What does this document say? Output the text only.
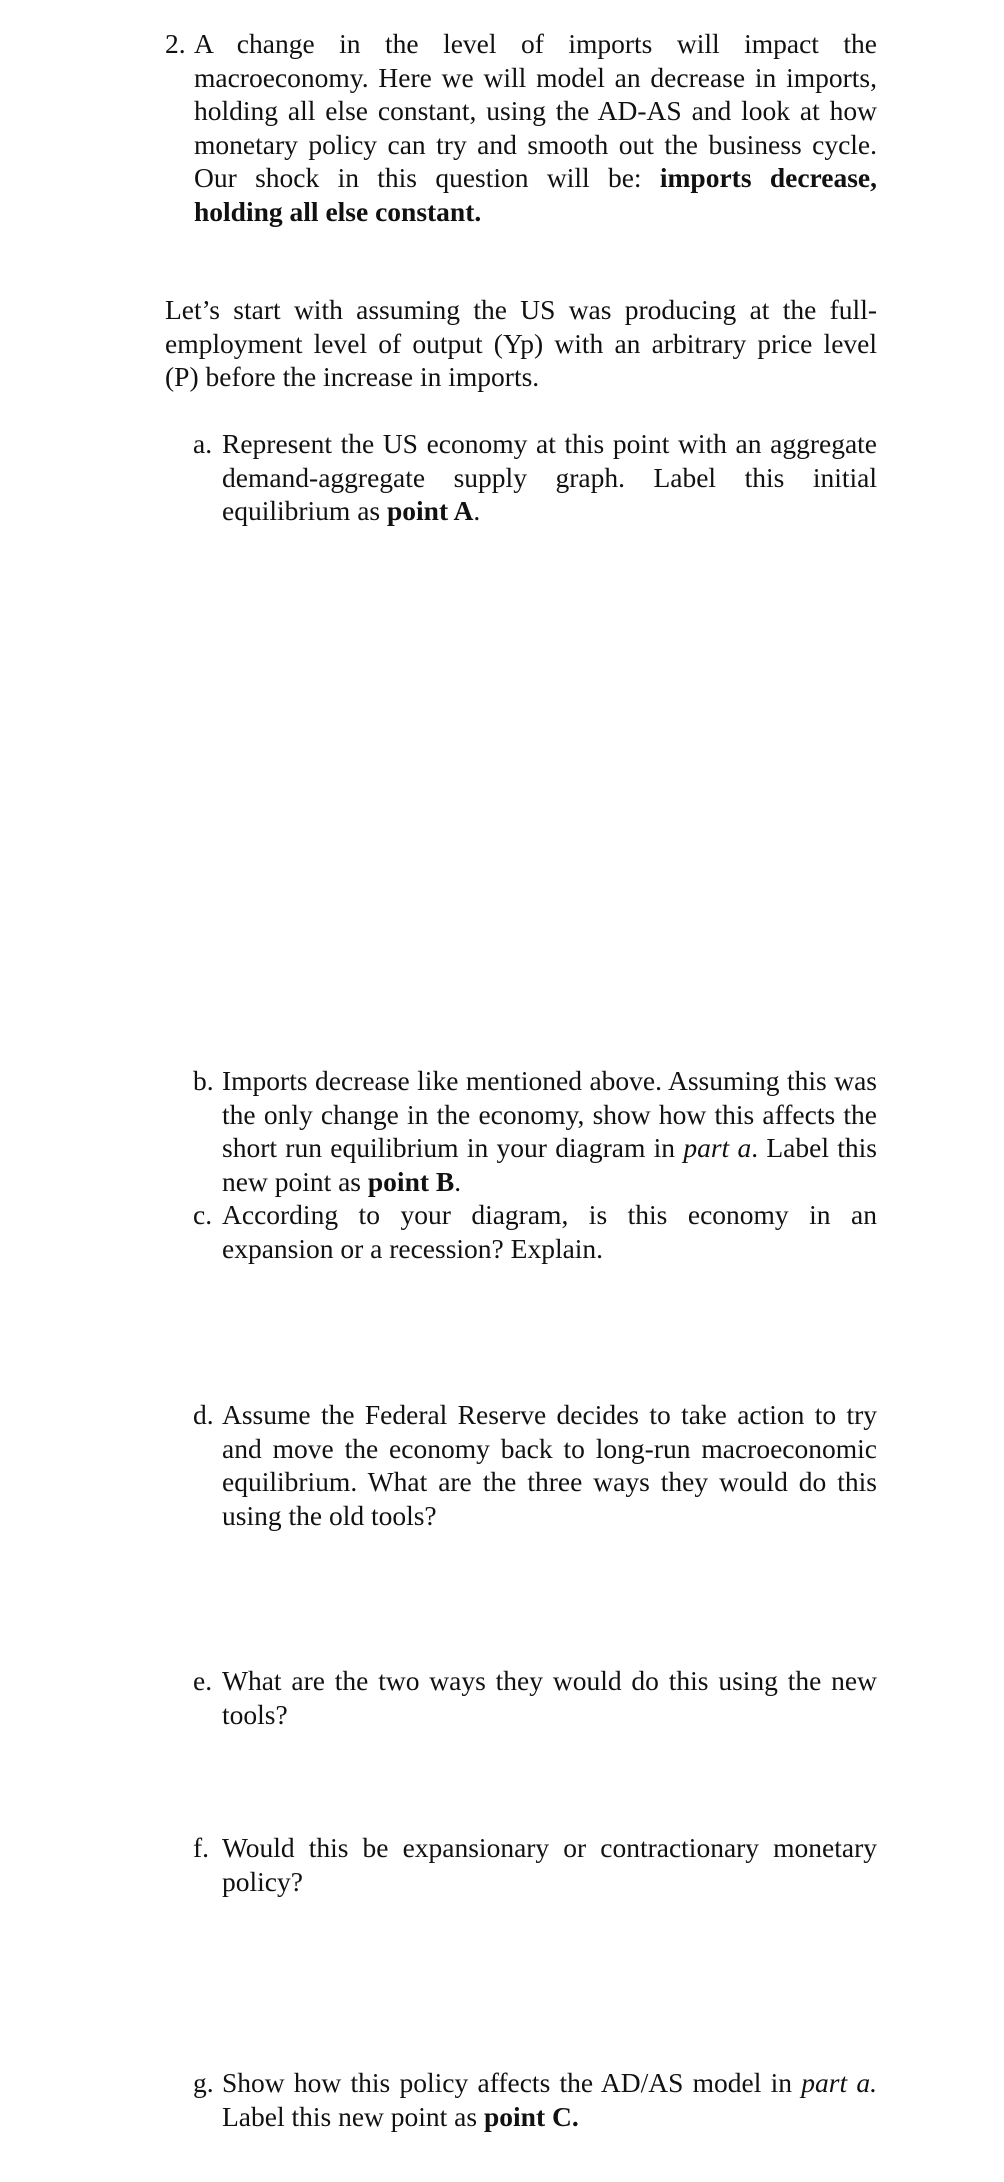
2. A change in the level of imports will impact the macroeconomy. Here we will model an decrease in imports, holding all else constant, using the AD-AS and look at how monetary policy can try and smooth out the business cycle. Our shock in this question will be: imports decrease, holding all else constant.
Let’s start with assuming the US was producing at the full-employment level of output (Yp) with an arbitrary price level (P) before the increase in imports.
a. Represent the US economy at this point with an aggregate demand-aggregate supply graph. Label this initial equilibrium as point A.
b. Imports decrease like mentioned above. Assuming this was the only change in the economy, show how this affects the short run equilibrium in your diagram in part a. Label this new point as point B.
c. According to your diagram, is this economy in an expansion or a recession? Explain.
d. Assume the Federal Reserve decides to take action to try and move the economy back to long-run macroeconomic equilibrium. What are the three ways they would do this using the old tools?
e. What are the two ways they would do this using the new tools?
f. Would this be expansionary or contractionary monetary policy?
g. Show how this policy affects the AD/AS model in part a. Label this new point as point C.
